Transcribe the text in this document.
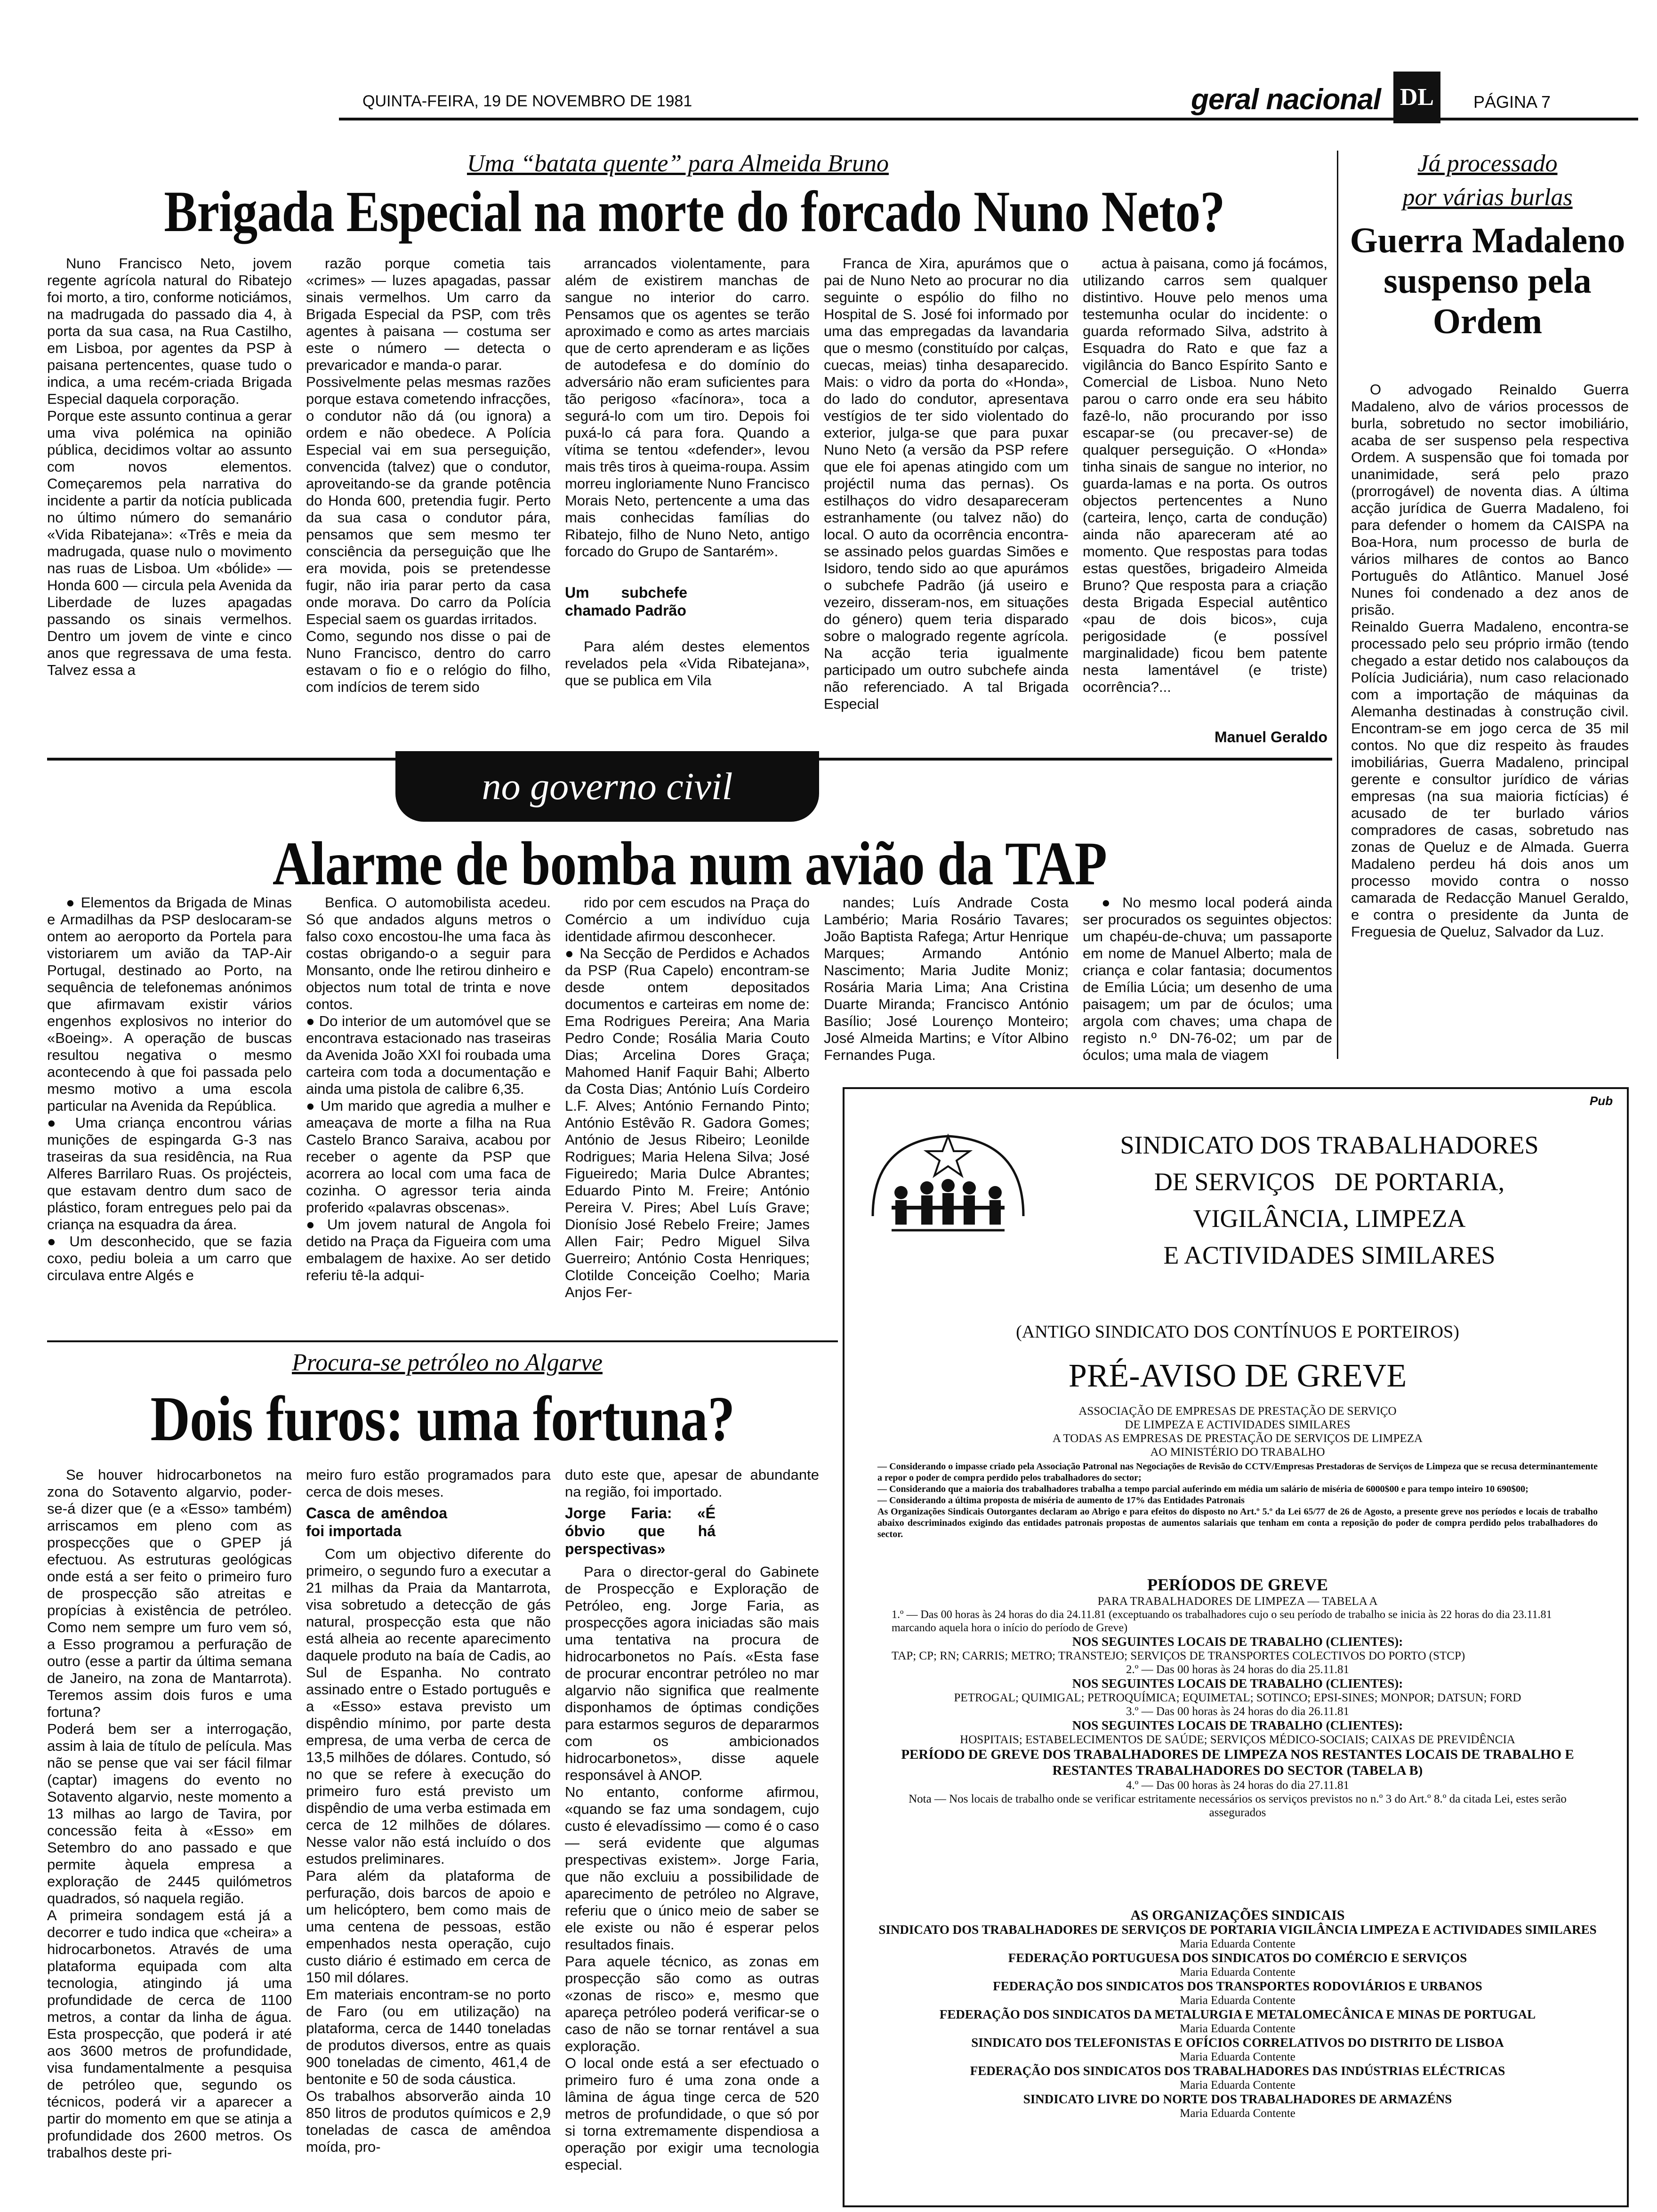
QUINTA-FEIRA, 19 DE NOVEMBRO DE 1981	geral nacional DL	PÁGINA 7
Uma “batata quente” para Almeida Bruno
Brigada Especial na morte do forcado Nuno Neto?

Nuno Francisco Neto, jovem regente agrícola natural do Ribatejo foi morto, a tiro, conforme noticiámos, na madrugada do passado dia 4, à porta da sua casa, na Rua Castilho, em Lisboa, por agentes da PSP à paisana pertencentes, quase tudo o indica, a uma recém-criada Brigada Especial daquela corporação.
Porque este assunto continua a gerar uma viva polémica na opinião pública, decidimos voltar ao assunto com novos elementos. Começaremos pela narrativa do incidente a partir da notícia publicada no último número do semanário «Vida Ribatejana»: «Três e meia da madrugada, quase nulo o movimento nas ruas de Lisboa. Um «bólide» — Honda 600 — circula pela Avenida da Liberdade de luzes apagadas passando os sinais vermelhos. Dentro um jovem de vinte e cinco anos que regressava de uma festa. Talvez essa a

razão porque cometia tais «crimes» — luzes apagadas, passar sinais vermelhos. Um carro da Brigada Especial da PSP, com três agentes à paisana — costuma ser este o número — detecta o prevaricador e manda-o parar.
Possivelmente pelas mesmas razões porque estava cometendo infracções, o condutor não dá (ou ignora) a ordem e não obedece. A Polícia Especial vai em sua perseguição, convencida (talvez) que o condutor, aproveitando-se da grande potência do Honda 600, pretendia fugir. Perto da sua casa o condutor pára, pensamos que sem mesmo ter consciência da perseguição que lhe era movida, pois se pretendesse fugir, não iria parar perto da casa onde morava. Do carro da Polícia Especial saem os guardas irritados.
Como, segundo nos disse o pai de Nuno Francisco, dentro do carro estavam o fio e o relógio do filho, com indícios de terem sido

arrancados violentamente, para além de existirem manchas de sangue no interior do carro. Pensamos que os agentes se terão aproximado e como as artes marciais que de certo aprenderam e as lições de autodefesa e do domínio do adversário não eram suficientes para tão perigoso «facínora», toca a segurá-lo com um tiro. Depois foi puxá-lo cá para fora. Quando a vítima se tentou «defender», levou mais três tiros à queima-roupa. Assim morreu ingloriamente Nuno Francisco Morais Neto, pertencente a uma das mais conhecidas famílias do Ribatejo, filho de Nuno Neto, antigo forcado do Grupo de Santarém».

Um subchefe chamado Padrão

Para além destes elementos revelados pela «Vida Ribatejana», que se publica em Vila

Franca de Xira, apurámos que o pai de Nuno Neto ao procurar no dia seguinte o espólio do filho no Hospital de S. José foi informado por uma das empregadas da lavandaria que o mesmo (constituído por calças, cuecas, meias) tinha desaparecido. Mais: o vidro da porta do «Honda», do lado do condutor, apresentava vestígios de ter sido violentado do exterior, julga-se que para puxar Nuno Neto (a versão da PSP refere que ele foi apenas atingido com um projéctil numa das pernas). Os estilhaços do vidro desapareceram estranhamente (ou talvez não) do local. O auto da ocorrência encontra-se assinado pelos guardas Simões e Isidoro, tendo sido ao que apurámos o subchefe Padrão (já useiro e vezeiro, disseram-nos, em situações do género) quem teria disparado sobre o malogrado regente agrícola. Na acção teria igualmente participado um outro subchefe ainda não referenciado. A tal Brigada Especial

actua à paisana, como já focámos, utilizando carros sem qualquer distintivo. Houve pelo menos uma testemunha ocular do incidente: o guarda reformado Silva, adstrito à Esquadra do Rato e que faz a vigilância do Banco Espírito Santo e Comercial de Lisboa. Nuno Neto parou o carro onde era seu hábito fazê-lo, não procurando por isso escapar-se (ou precaver-se) de qualquer perseguição. O «Honda» tinha sinais de sangue no interior, no guarda-lamas e na porta. Os outros objectos pertencentes a Nuno (carteira, lenço, carta de condução) ainda não apareceram até ao momento. Que respostas para todas estas questões, brigadeiro Almeida Bruno? Que resposta para a criação desta Brigada Especial autêntico «pau de dois bicos», cuja perigosidade (e possível marginalidade) ficou bem patente nesta lamentável (e triste) ocorrência?...

Manuel Geraldo
Já processado
por várias burlas
Guerra Madaleno suspenso pela Ordem

O advogado Reinaldo Guerra Madaleno, alvo de vários processos de burla, sobretudo no sector imobiliário, acaba de ser suspenso pela respectiva Ordem. A suspensão que foi tomada por unanimidade, será pelo prazo (prorrogável) de noventa dias. A última acção jurídica de Guerra Madaleno, foi para defender o homem da CAISPA na Boa-Hora, num processo de burla de vários milhares de contos ao Banco Português do Atlântico. Manuel José Nunes foi condenado a dez anos de prisão.
Reinaldo Guerra Madaleno, encontra-se processado pelo seu próprio irmão (tendo chegado a estar detido nos calabouços da Polícia Judiciária), num caso relacionado com a importação de máquinas da Alemanha destinadas à construção civil. Encontram-se em jogo cerca de 35 mil contos. No que diz respeito às fraudes imobiliárias, Guerra Madaleno, principal gerente e consultor jurídico de várias empresas (na sua maioria fictícias) é acusado de ter burlado vários compradores de casas, sobretudo nas zonas de Queluz e de Almada. Guerra Madaleno perdeu há dois anos um processo movido contra o nosso camarada de Redacção Manuel Geraldo, e contra o presidente da Junta de Freguesia de Queluz, Salvador da Luz.

no governo civil
Alarme de bomba num avião da TAP

● Elementos da Brigada de Minas e Armadilhas da PSP deslocaram-se ontem ao aeroporto da Portela para vistoriarem um avião da TAP-Air Portugal, destinado ao Porto, na sequência de telefonemas anónimos que afirmavam existir vários engenhos explosivos no interior do «Boeing». A operação de buscas resultou negativa o mesmo acontecendo à que foi passada pelo mesmo motivo a uma escola particular na Avenida da República.
● Uma criança encontrou várias munições de espingarda G-3 nas traseiras da sua residência, na Rua Alferes Barrilaro Ruas. Os projécteis, que estavam dentro dum saco de plástico, foram entregues pelo pai da criança na esquadra da área.
● Um desconhecido, que se fazia coxo, pediu boleia a um carro que circulava entre Algés e

Benfica. O automobilista acedeu. Só que andados alguns metros o falso coxo encostou-lhe uma faca às costas obrigando-o a seguir para Monsanto, onde lhe retirou dinheiro e objectos num total de trinta e nove contos.
● Do interior de um automóvel que se encontrava estacionado nas traseiras da Avenida João XXI foi roubada uma carteira com toda a documentação e ainda uma pistola de calibre 6,35.
● Um marido que agredia a mulher e ameaçava de morte a filha na Rua Castelo Branco Saraiva, acabou por receber o agente da PSP que acorrera ao local com uma faca de cozinha. O agressor teria ainda proferido «palavras obscenas».
● Um jovem natural de Angola foi detido na Praça da Figueira com uma embalagem de haxixe. Ao ser detido referiu tê-la adqui-

rido por cem escudos na Praça do Comércio a um indivíduo cuja identidade afirmou desconhecer.
● Na Secção de Perdidos e Achados da PSP (Rua Capelo) encontram-se desde ontem depositados documentos e carteiras em nome de: Ema Rodrigues Pereira; Ana Maria Pedro Conde; Rosália Maria Couto Dias; Arcelina Dores Graça; Mahomed Hanif Faquir Bahi; Alberto da Costa Dias; António Luís Cordeiro L.F. Alves; António Fernando Pinto; António Estêvão R. Gadora Gomes; António de Jesus Ribeiro; Leonilde Rodrigues; Maria Helena Silva; José Figueiredo; Maria Dulce Abrantes; Eduardo Pinto M. Freire; António Pereira V. Pires; Abel Luís Grave; Dionísio José Rebelo Freire; James Allen Fair; Pedro Miguel Silva Guerreiro; António Costa Henriques; Clotilde Conceição Coelho; Maria Anjos Fer-

nandes; Luís Andrade Costa Lambério; Maria Rosário Tavares; João Baptista Rafega; Artur Henrique Marques; Armando António Nascimento; Maria Judite Moniz; Rosária Maria Lima; Ana Cristina Duarte Miranda; Francisco António Basílio; José Lourenço Monteiro; José Almeida Martins; e Vítor Albino Fernandes Puga.

● No mesmo local poderá ainda ser procurados os seguintes objectos: um chapéu-de-chuva; um passaporte em nome de Manuel Alberto; mala de criança e colar fantasia; documentos de Emília Lúcia; um desenho de uma paisagem; um par de óculos; uma argola com chaves; uma chapa de registo n.º DN-76-02; um par de óculos; uma mala de viagem

Procura-se petróleo no Algarve
Dois furos: uma fortuna?

Se houver hidrocarbonetos na zona do Sotavento algarvio, poder-se-á dizer que (e a «Esso» também) arriscamos em pleno com as prospecções que o GPEP já efectuou. As estruturas geológicas onde está a ser feito o primeiro furo de prospecção são atreitas e propícias à existência de petróleo. Como nem sempre um furo vem só, a Esso programou a perfuração de outro (esse a partir da última semana de Janeiro, na zona de Mantarrota). Teremos assim dois furos e uma fortuna?
Poderá bem ser a interrogação, assim à laia de título de película. Mas não se pense que vai ser fácil filmar (captar) imagens do evento no Sotavento algarvio, neste momento a 13 milhas ao largo de Tavira, por concessão feita à «Esso» em Setembro do ano passado e que permite àquela empresa a exploração de 2445 quilómetros quadrados, só naquela região.
A primeira sondagem está já a decorrer e tudo indica que «cheira» a hidrocarbonetos. Através de uma plataforma equipada com alta tecnologia, atingindo já uma profundidade de cerca de 1100 metros, a contar da linha de água. Esta prospecção, que poderá ir até aos 3600 metros de profundidade, visa fundamentalmente a pesquisa de petróleo que, segundo os técnicos, poderá vir a aparecer a partir do momento em que se atinja a profundidade dos 2600 metros. Os trabalhos deste pri-

meiro furo estão programados para cerca de dois meses.

Casca de amêndoa foi importada

Com um objectivo diferente do primeiro, o segundo furo a executar a 21 milhas da Praia da Mantarrota, visa sobretudo a detecção de gás natural, prospecção esta que não está alheia ao recente aparecimento daquele produto na baía de Cadis, ao Sul de Espanha. No contrato assinado entre o Estado português e a «Esso» estava previsto um dispêndio mínimo, por parte desta empresa, de uma verba de cerca de 13,5 milhões de dólares. Contudo, só no que se refere à execução do primeiro furo está previsto um dispêndio de uma verba estimada em cerca de 12 milhões de dólares. Nesse valor não está incluído o dos estudos preliminares.
Para além da plataforma de perfuração, dois barcos de apoio e um helicóptero, bem como mais de uma centena de pessoas, estão empenhados nesta operação, cujo custo diário é estimado em cerca de 150 mil dólares.
Em materiais encontram-se no porto de Faro (ou em utilização) na plataforma, cerca de 1440 toneladas de produtos diversos, entre as quais 900 toneladas de cimento, 461,4 de bentonite e 50 de soda cáustica.
Os trabalhos absorverão ainda 10 850 litros de produtos químicos e 2,9 toneladas de casca de amêndoa moída, pro-

duto este que, apesar de abundante na região, foi importado.

Jorge Faria: «É óbvio que há perspectivas»

Para o director-geral do Gabinete de Prospecção e Exploração de Petróleo, eng. Jorge Faria, as prospecções agora iniciadas são mais uma tentativa na procura de hidrocarbonetos no País. «Esta fase de procurar encontrar petróleo no mar algarvio não significa que realmente disponhamos de óptimas condições para estarmos seguros de depararmos com os ambicionados hidrocarbonetos», disse aquele responsável à ANOP.
No entanto, conforme afirmou, «quando se faz uma sondagem, cujo custo é elevadíssimo — como é o caso — será evidente que algumas prespectivas existem». Jorge Faria, que não excluiu a possibilidade de aparecimento de petróleo no Algrave, referiu que o único meio de saber se ele existe ou não é esperar pelos resultados finais.
Para aquele técnico, as zonas em prospecção são como as outras «zonas de risco» e, mesmo que apareça petróleo poderá verificar-se o caso de não se tornar rentável a sua exploração.
O local onde está a ser efectuado o primeiro furo é uma zona onde a lâmina de água tinge cerca de 520 metros de profundidade, o que só por si torna extremamente dispendiosa a operação por exigir uma tecnologia especial.

Pub
SINDICATO DOS TRABALHADORES
DE SERVIÇOS   DE PORTARIA,
VIGILÂNCIA, LIMPEZA
E ACTIVIDADES SIMILARES
(ANTIGO SINDICATO DOS CONTÍNUOS E PORTEIROS)
PRÉ-AVISO DE GREVE
ASSOCIAÇÃO DE EMPRESAS DE PRESTAÇÃO DE SERVIÇO
DE LIMPEZA E ACTIVIDADES SIMILARES
A TODAS AS EMPRESAS DE PRESTAÇÃO DE SERVIÇOS DE LIMPEZA
AO MINISTÉRIO DO TRABALHO
— Considerando o impasse criado pela Associação Patronal nas Negociações de Revisão do CCTV/Empresas Prestadoras de Serviços de Limpeza que se recusa determinantemente a repor o poder de compra perdido pelos trabalhadores do sector;
— Considerando que a maioria dos trabalhadores trabalha a tempo parcial auferindo em média um salário de miséria de 6000$00 e para tempo inteiro 10 690$00;
— Considerando a última proposta de miséria de aumento de 17% das Entidades Patronais
As Organizações Sindicais Outorgantes declaram ao Abrigo e para efeitos do disposto no Art.º 5.º da Lei 65/77 de 26 de Agosto, a presente greve nos períodos e locais de trabalho abaixo descriminados exigindo das entidades patronais propostas de aumentos salariais que tenham em conta a reposição do poder de compra perdido pelos trabalhadores do sector.
PERÍODOS DE GREVE
PARA TRABALHADORES DE LIMPEZA — TABELA A
1.º — Das 00 horas às 24 horas do dia 24.11.81 (exceptuando os trabalhadores cujo o seu período de trabalho se inicia às 22 horas do dia 23.11.81 marcando aquela hora o início do período de Greve)
NOS SEGUINTES LOCAIS DE TRABALHO (CLIENTES):
TAP; CP; RN; CARRIS; METRO; TRANSTEJO; SERVIÇOS DE TRANSPORTES COLECTIVOS DO PORTO (STCP)
2.º — Das 00 horas às 24 horas do dia 25.11.81
NOS SEGUINTES LOCAIS DE TRABALHO (CLIENTES):
PETROGAL; QUIMIGAL; PETROQUÍMICA; EQUIMETAL; SOTINCO; EPSI-SINES; MONPOR; DATSUN; FORD
3.º — Das 00 horas às 24 horas do dia 26.11.81
NOS SEGUINTES LOCAIS DE TRABALHO (CLIENTES):
HOSPITAIS; ESTABELECIMENTOS DE SAÚDE; SERVIÇOS MÉDICO-SOCIAIS; CAIXAS DE PREVIDÊNCIA
PERÍODO DE GREVE DOS TRABALHADORES DE LIMPEZA NOS RESTANTES LOCAIS DE TRABALHO E RESTANTES TRABALHADORES DO SECTOR (TABELA B)
4.º — Das 00 horas às 24 horas do dia 27.11.81
Nota — Nos locais de trabalho onde se verificar estritamente necessários os serviços previstos no n.º 3 do Art.º 8.º da citada Lei, estes serão assegurados
AS ORGANIZAÇÕES SINDICAIS
SINDICATO DOS TRABALHADORES DE SERVIÇOS DE PORTARIA VIGILÂNCIA LIMPEZA E ACTIVIDADES SIMILARES
Maria Eduarda Contente
FEDERAÇÃO PORTUGUESA DOS SINDICATOS DO COMÉRCIO E SERVIÇOS
Maria Eduarda Contente
FEDERAÇÃO DOS SINDICATOS DOS TRANSPORTES RODOVIÁRIOS E URBANOS
Maria Eduarda Contente
FEDERAÇÃO DOS SINDICATOS DA METALURGIA E METALOMECÂNICA E MINAS DE PORTUGAL
Maria Eduarda Contente
SINDICATO DOS TELEFONISTAS E OFÍCIOS CORRELATIVOS DO DISTRITO DE LISBOA
Maria Eduarda Contente
FEDERAÇÃO DOS SINDICATOS DOS TRABALHADORES DAS INDÚSTRIAS ELÉCTRICAS
Maria Eduarda Contente
SINDICATO LIVRE DO NORTE DOS TRABALHADORES DE ARMAZÉNS
Maria Eduarda Contente
